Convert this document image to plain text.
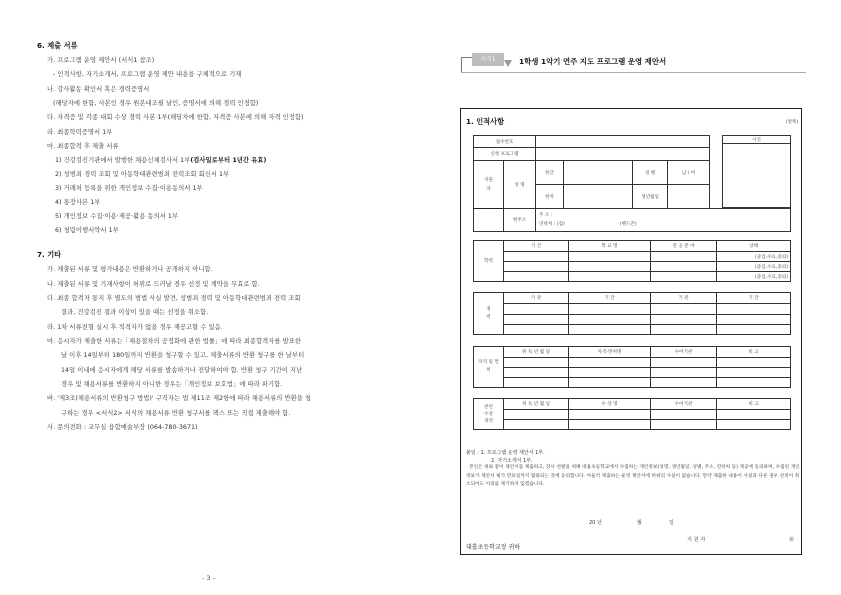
6. 제출 서류
가. 프로그램 운영 제안서 (서식1 참조)
- 인적사항, 자기소개서, 프로그램 운영 제안 내용을 구체적으로 기재
나. 강사활동 확인서 혹은 경력증명서
(해당자에 한함, 사본인 경우 원본대조필 날인, 증명서에 의해 경력 인정함)
다. 자격증 및 각종 대회 수상 경력 사본 1부(해당자에 한함, 자격증 사본에 의해 자격 인정함)
라. 최종학력증명서 1부
마. 최종합격 후 제출 서류
1) 건강검진기관에서 발행한 채용신체검사서 1부(검사일로부터 1년간 유효)
2) 성범죄 경력 조회 및 아동학대관련범죄 전력조회 회신서 1부
3) 거래처 등록을 위한 개인정보 수집·이용동의서 1부
4) 통장사본 1부
5) 개인정보 수집·이용·제공·활용 동의서 1부
6) 청렴이행서약서 1부
7. 기타
가. 제출된 서류 및 평가내용은 반환하거나 공개하지 아니함.
나. 제출된 서류 및 기재사항이 허위로 드러날 경우 선정 및 계약을 무효로 함.
다. 최종 합격자 통지 후 별도의 범법 사실 발견, 성범죄 경력 및 아동학대관련범죄 전력 조회
결과, 건강검진 결과 이상이 있을 때는 선정을 취소함.
라. 1차 서류전형 실시 후 적격자가 없을 경우 재공고할 수 있음.
마. 응시자가 제출한 서류는「채용절차의 공정화에 관한 법률」에 따라 최종합격자를 발표한
날 이후 14일부터 180일까지 반환을 청구할 수 있고, 제출서류의 반환 청구를 한 날부터
14일 이내에 응시자에게 해당 서류를 발송하거나 전달하여야 함. 반환 청구 기간이 지난
경우 및 채용서류를 반환하지 아니한 경우는「개인정보 보호법」에 따라 파기함.
바. '제3조(채용서류의 반환청구 방법)' 구직자는 법 제11조 제2항에 따라 채용서류의 반환을 청
구하는 경우 <서식2> 서식의 채용서류 반환 청구서를 팩스 또는 직접 제출해야 함.
사. 문의전화 : 교무실 융합예술부장 (064-780-3671)
- 3 -
서식1	1학생 1악기 연주 지도 프로그램 운영 제안서
1. 인적사항	(앞쪽)
접수번호					
신청 프로그램					
지원자	성 명	한글		성 별	남 / 여
		한자		생년월일	
사진

	현주소	
주 소 :
연락처 : (집)	(핸드폰)
학력	기 간	학 교 명	전 공 분 야	상태
				(졸업,수료,중퇴)
				(졸업,수료,중퇴)
				(졸업,수료,중퇴)
경 력	기 관	기 간	기 관	기 간

자격 및 면허	취 득 년 월 일	자격·면허명	수여기관	비 고

관련 수상 경력	취 득 년 월 일	수 상 명	수여기관	비 고

붙임 : 1. 프로그램 운영 제안서 1부.
2. 자기소개서 1부.
본인은 위와 같이 제안서를 제출하고, 강사 선발을 위해 대흘초등학교에서 수집하는 개인정보(성명, 생년월일, 성별, 주소, 연락처 등) 제공에 동의하며, 수집된 개인정보가 제안서 평가 만료일까지 활용되는 것에 동의합니다. 아울러 제출하는 운영 제안서에 허위의 사실이 없습니다. 만약 제출한 내용이 사실과 다른 경우 선정이 취소되어도 이의를 제기하지 않겠습니다.
20 년	월	일
지 원 자	㊞
대흘초등학교장 귀하
